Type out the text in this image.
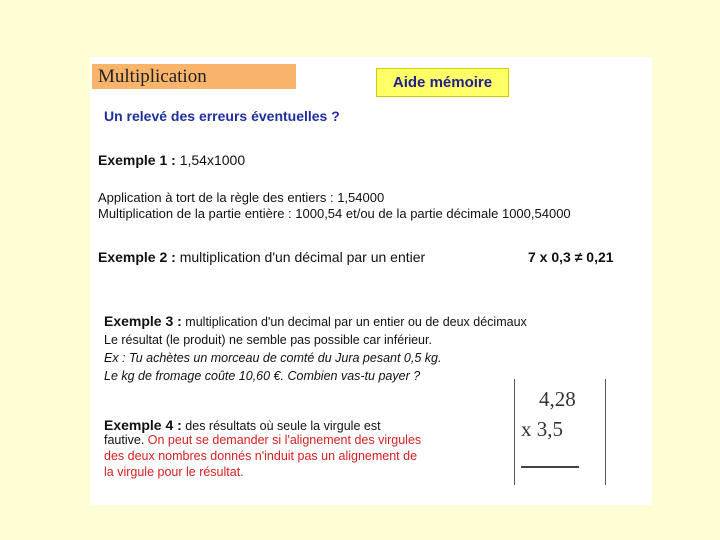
Multiplication	Aide mémoire
Un relevé des erreurs éventuelles ?
Exemple 1 : 1,54x1000
Application à tort de la règle des entiers : 1,54000
Multiplication de la partie entière : 1000,54 et/ou de la partie décimale 1000,54000
Exemple 2 : multiplication d'un décimal par un entier	7 x 0,3 ≠ 0,21
Exemple 3 : multiplication d'un decimal par un entier ou de deux décimaux
Le résultat (le produit) ne semble pas possible car inférieur.
Ex : Tu achètes un morceau de comté du Jura pesant 0,5 kg.
Le kg de fromage coûte 10,60 €. Combien vas-tu payer ?
Exemple 4 : des résultats où seule la virgule est
fautive. On peut se demander si l'alignement des virgules
des deux nombres donnés n'induit pas un alignement de
la virgule pour le résultat.
4,28
x 3,5
